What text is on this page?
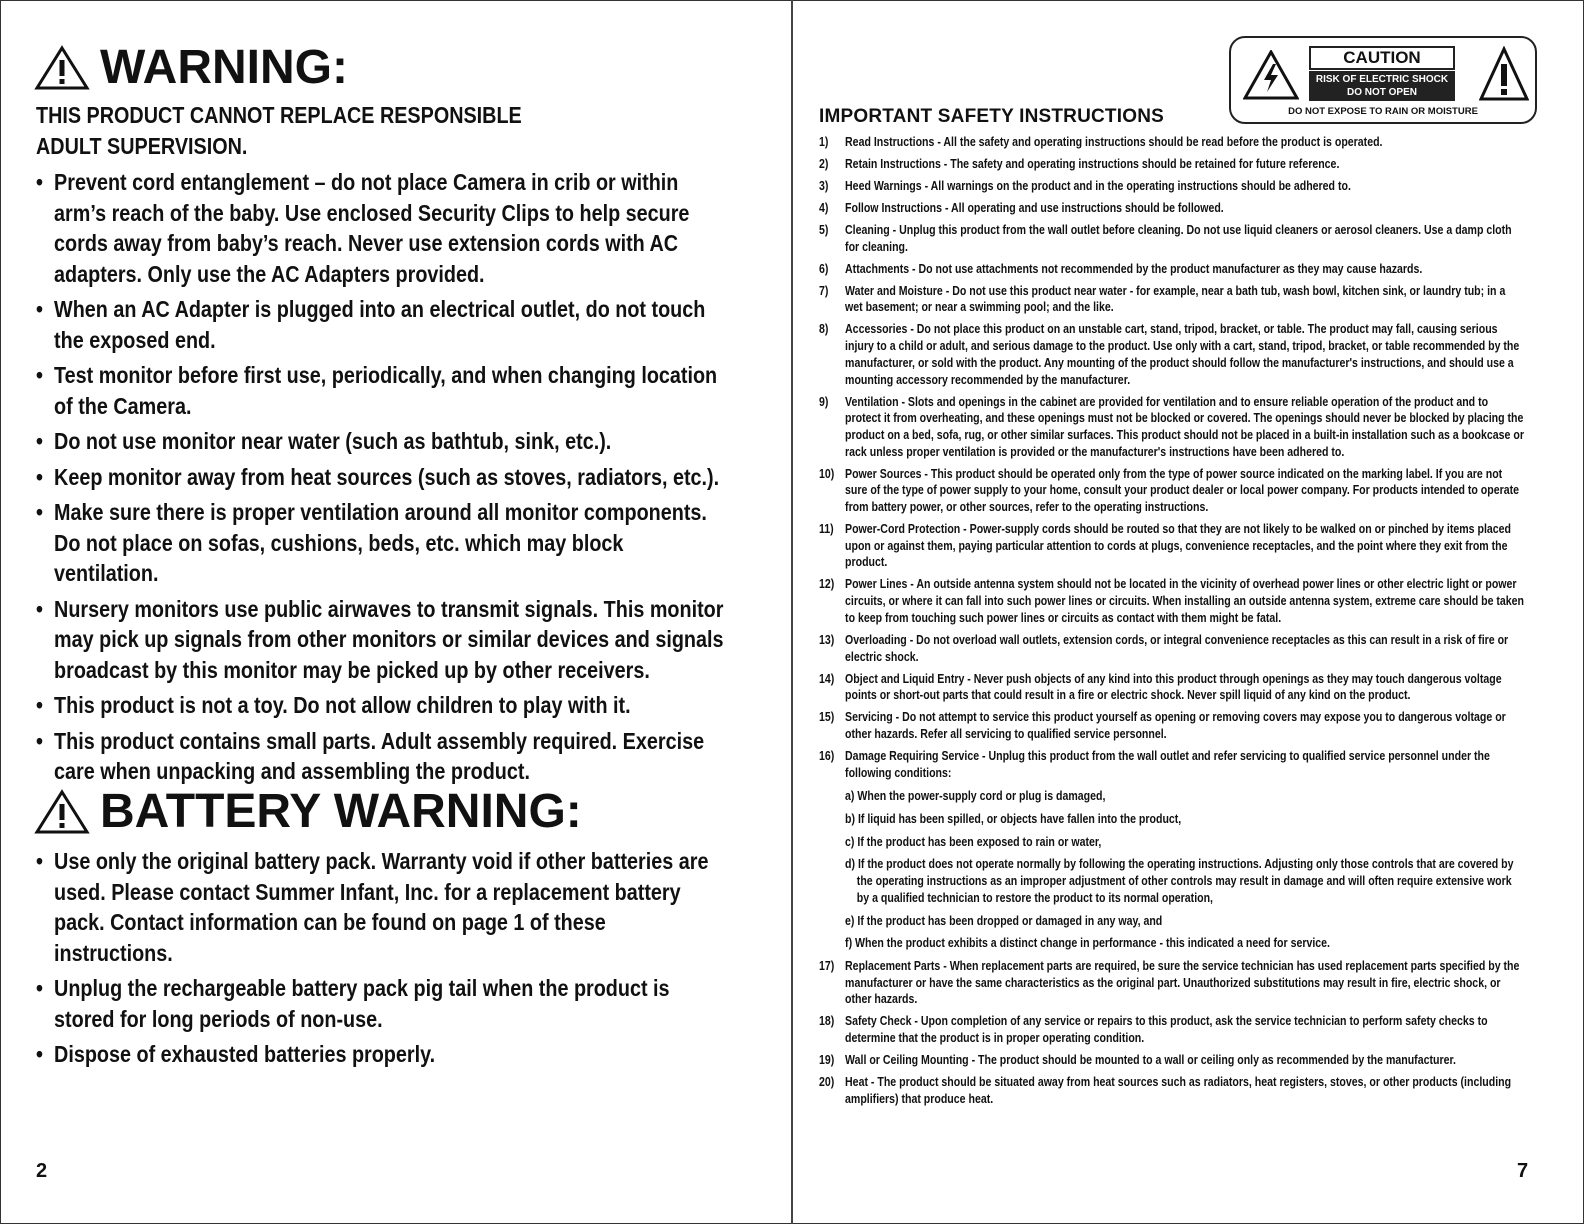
WARNING:
THIS PRODUCT CANNOT REPLACE RESPONSIBLE
ADULT SUPERVISION.
• Prevent cord entanglement – do not place Camera in crib or within arm’s reach of the baby. Use enclosed Security Clips to help secure cords away from baby’s reach. Never use extension cords with AC adapters. Only use the AC Adapters provided.
• When an AC Adapter is plugged into an electrical outlet, do not touch the exposed end.
• Test monitor before first use, periodically, and when changing location of the Camera.
• Do not use monitor near water (such as bathtub, sink, etc.).
• Keep monitor away from heat sources (such as stoves, radiators, etc.).
• Make sure there is proper ventilation around all monitor components. Do not place on sofas, cushions, beds, etc. which may block ventilation.
• Nursery monitors use public airwaves to transmit signals. This monitor may pick up signals from other monitors or similar devices and signals broadcast by this monitor may be picked up by other receivers.
• This product is not a toy. Do not allow children to play with it.
• This product contains small parts. Adult assembly required. Exercise care when unpacking and assembling the product.
BATTERY WARNING:
• Use only the original battery pack. Warranty void if other batteries are used. Please contact Summer Infant, Inc. for a replacement battery pack. Contact information can be found on page 1 of these instructions.
• Unplug the rechargeable battery pack pig tail when the product is stored for long periods of non-use.
• Dispose of exhausted batteries properly.
2
CAUTION
RISK OF ELECTRIC SHOCK
DO NOT OPEN
DO NOT EXPOSE TO RAIN OR MOISTURE
IMPORTANT SAFETY INSTRUCTIONS
1) Read Instructions - All the safety and operating instructions should be read before the product is operated.
2) Retain Instructions - The safety and operating instructions should be retained for future reference.
3) Heed Warnings - All warnings on the product and in the operating instructions should be adhered to.
4) Follow Instructions - All operating and use instructions should be followed.
5) Cleaning - Unplug this product from the wall outlet before cleaning. Do not use liquid cleaners or aerosol cleaners. Use a damp cloth for cleaning.
6) Attachments - Do not use attachments not recommended by the product manufacturer as they may cause hazards.
7) Water and Moisture - Do not use this product near water - for example, near a bath tub, wash bowl, kitchen sink, or laundry tub; in a wet basement; or near a swimming pool; and the like.
8) Accessories - Do not place this product on an unstable cart, stand, tripod, bracket, or table. The product may fall, causing serious injury to a child or adult, and serious damage to the product. Use only with a cart, stand, tripod, bracket, or table recommended by the manufacturer, or sold with the product. Any mounting of the product should follow the manufacturer's instructions, and should use a mounting accessory recommended by the manufacturer.
9) Ventilation - Slots and openings in the cabinet are provided for ventilation and to ensure reliable operation of the product and to protect it from overheating, and these openings must not be blocked or covered. The openings should never be blocked by placing the product on a bed, sofa, rug, or other similar surfaces. This product should not be placed in a built-in installation such as a bookcase or rack unless proper ventilation is provided or the manufacturer's instructions have been adhered to.
10) Power Sources - This product should be operated only from the type of power source indicated on the marking label. If you are not sure of the type of power supply to your home, consult your product dealer or local power company. For products intended to operate from battery power, or other sources, refer to the operating instructions.
11) Power-Cord Protection - Power-supply cords should be routed so that they are not likely to be walked on or pinched by items placed upon or against them, paying particular attention to cords at plugs, convenience receptacles, and the point where they exit from the product.
12) Power Lines - An outside antenna system should not be located in the vicinity of overhead power lines or other electric light or power circuits, or where it can fall into such power lines or circuits. When installing an outside antenna system, extreme care should be taken to keep from touching such power lines or circuits as contact with them might be fatal.
13) Overloading - Do not overload wall outlets, extension cords, or integral convenience receptacles as this can result in a risk of fire or electric shock.
14) Object and Liquid Entry - Never push objects of any kind into this product through openings as they may touch dangerous voltage points or short-out parts that could result in a fire or electric shock. Never spill liquid of any kind on the product.
15) Servicing - Do not attempt to service this product yourself as opening or removing covers may expose you to dangerous voltage or other hazards. Refer all servicing to qualified service personnel.
16) Damage Requiring Service - Unplug this product from the wall outlet and refer servicing to qualified service personnel under the following conditions:
a) When the power-supply cord or plug is damaged,
b) If liquid has been spilled, or objects have fallen into the product,
c) If the product has been exposed to rain or water,
d) If the product does not operate normally by following the operating instructions. Adjusting only those controls that are covered by the operating instructions as an improper adjustment of other controls may result in damage and will often require extensive work by a qualified technician to restore the product to its normal operation,
e) If the product has been dropped or damaged in any way, and
f) When the product exhibits a distinct change in performance - this indicated a need for service.
17) Replacement Parts - When replacement parts are required, be sure the service technician has used replacement parts specified by the manufacturer or have the same characteristics as the original part. Unauthorized substitutions may result in fire, electric shock, or other hazards.
18) Safety Check - Upon completion of any service or repairs to this product, ask the service technician to perform safety checks to determine that the product is in proper operating condition.
19) Wall or Ceiling Mounting - The product should be mounted to a wall or ceiling only as recommended by the manufacturer.
20) Heat - The product should be situated away from heat sources such as radiators, heat registers, stoves, or other products (including amplifiers) that produce heat.
7
